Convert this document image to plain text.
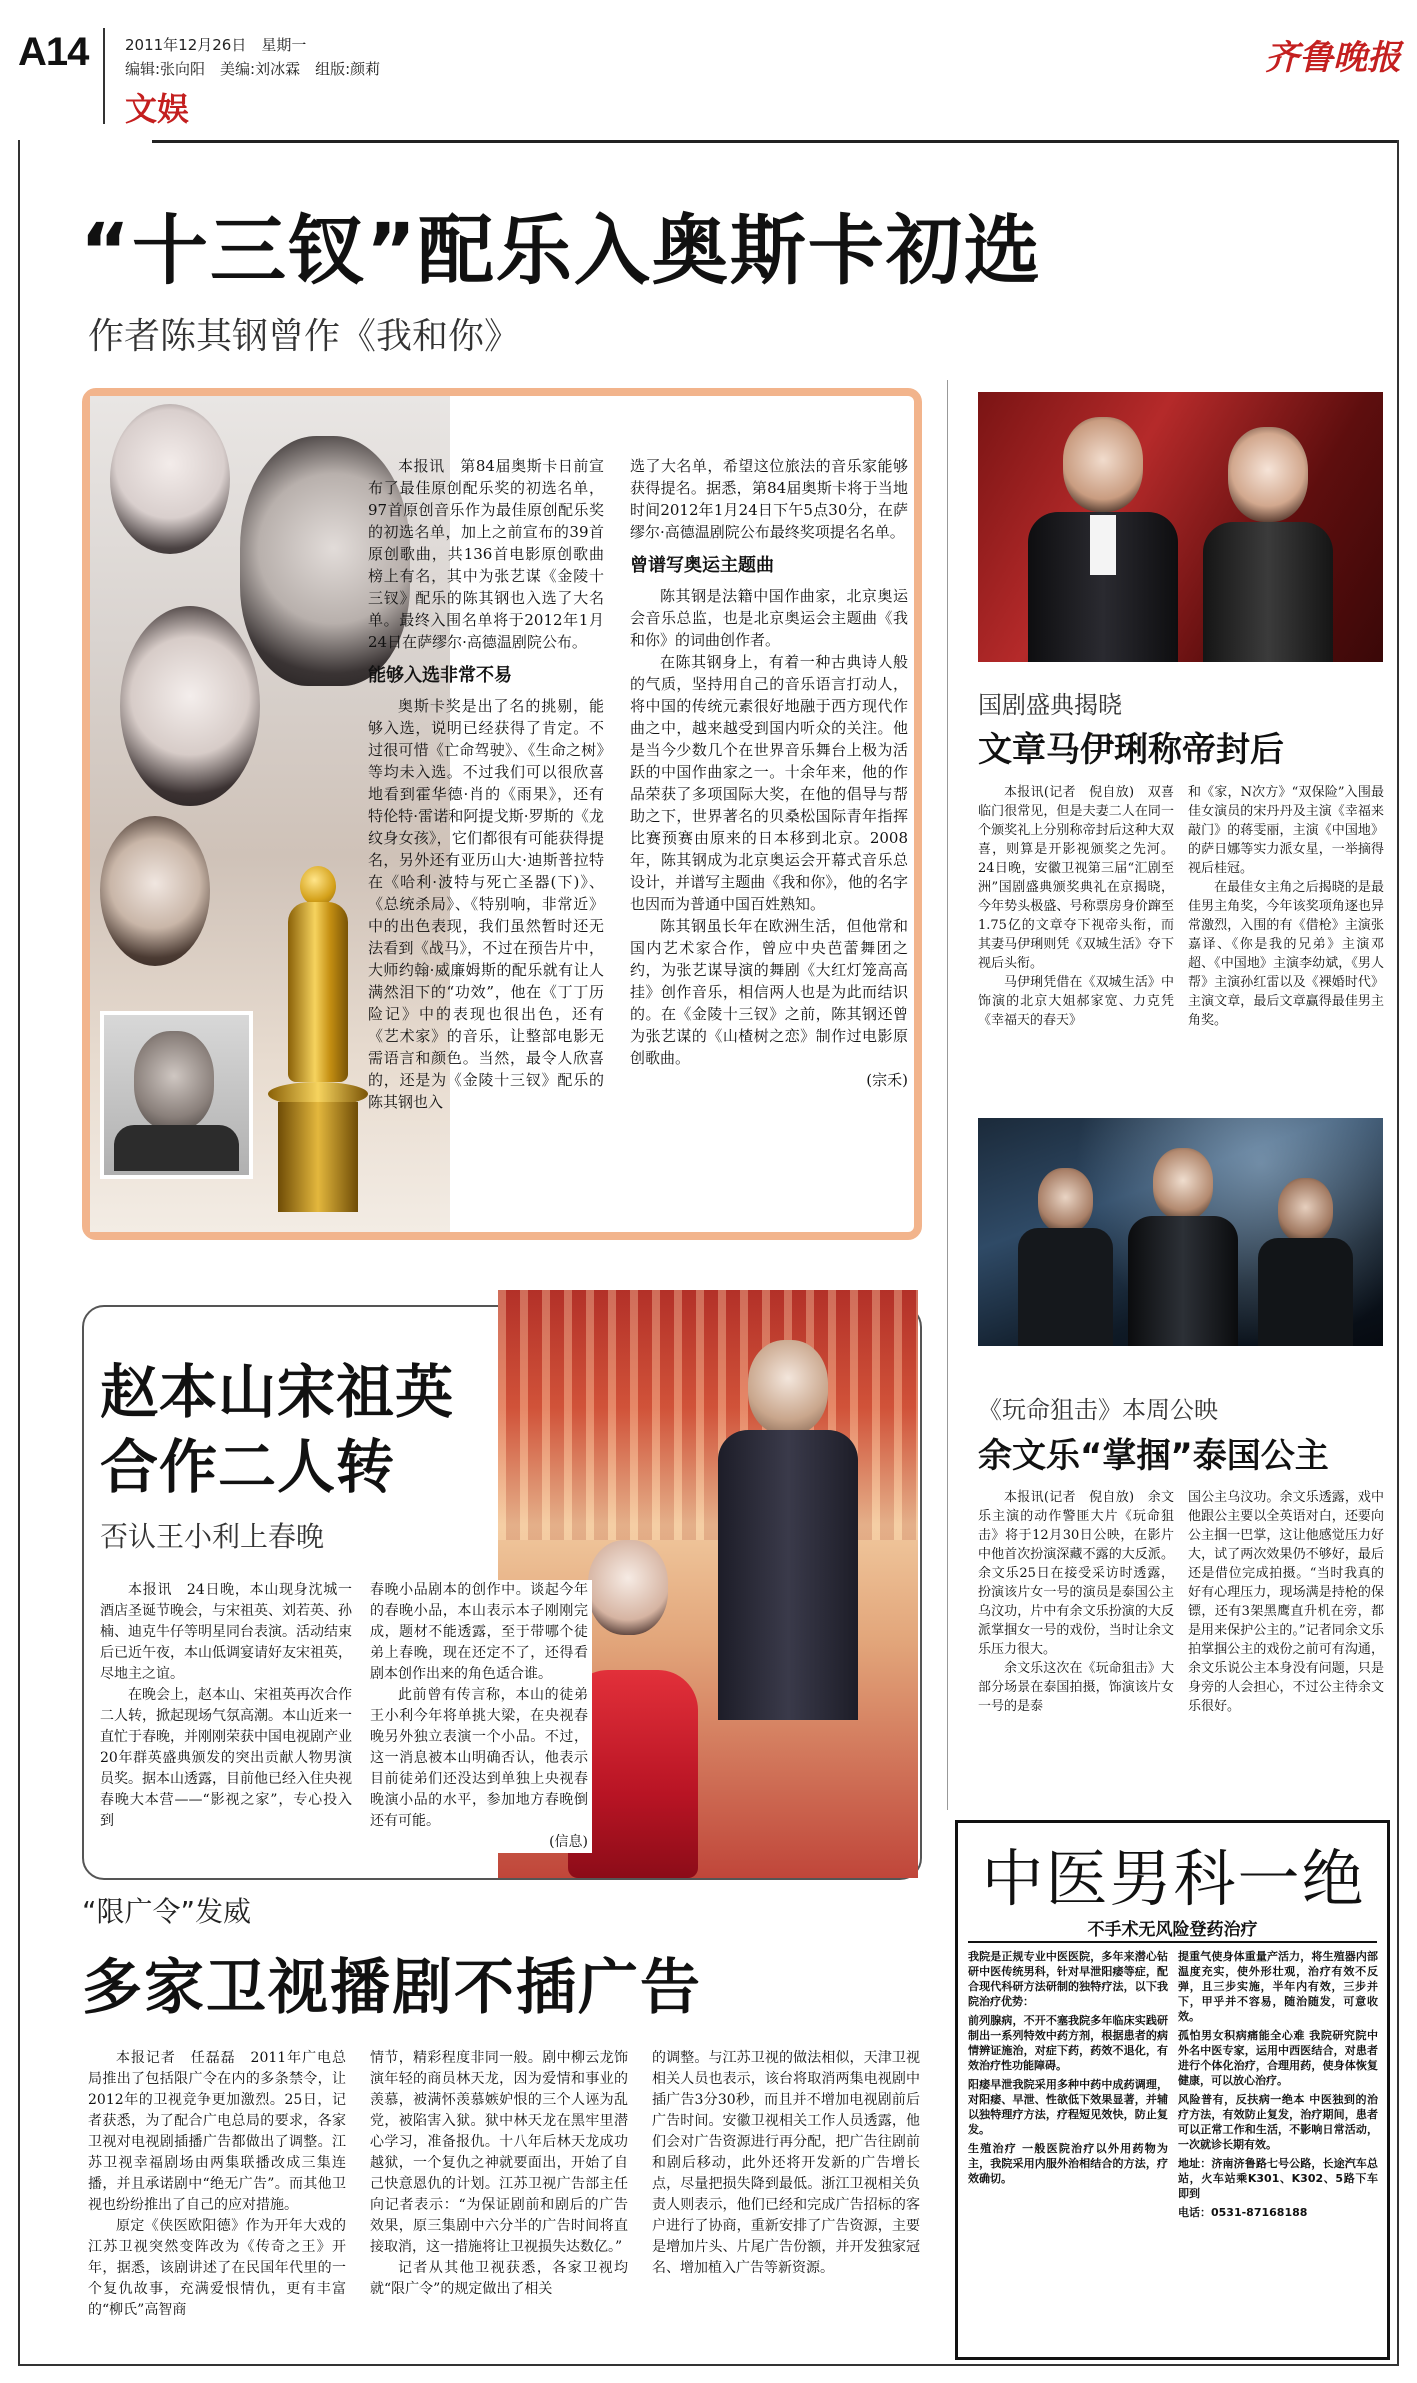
A14 2011年12月26日　星期一
编辑:张向阳　美编:刘冰霖　组版:颜莉
文娱
齐鲁晚报
“十三钗”配乐入奥斯卡初选
作者陈其钢曾作《我和你》

本报讯　第84届奥斯卡日前宣布了最佳原创配乐奖的初选名单，97首原创音乐作为最佳原创配乐奖的初选名单，加上之前宣布的39首原创歌曲，共136首电影原创歌曲榜上有名，其中为张艺谋《金陵十三钗》配乐的陈其钢也入选了大名单。最终入围名单将于2012年1月24日在萨缪尔·高德温剧院公布。

能够入选非常不易

奥斯卡奖是出了名的挑剔，能够入选，说明已经获得了肯定。不过很可惜《亡命驾驶》、《生命之树》等均未入选。不过我们可以很欣喜地看到霍华德·肖的《雨果》，还有特伦特·雷诺和阿提戈斯·罗斯的《龙纹身女孩》，它们都很有可能获得提名，另外还有亚历山大·迪斯普拉特在《哈利·波特与死亡圣器(下)》、《总统杀局》、《特别响，非常近》中的出色表现，我们虽然暂时还无法看到《战马》，不过在预告片中，大师约翰·威廉姆斯的配乐就有让人满然泪下的“功效”，他在《丁丁历险记》中的表现也很出色，还有《艺术家》的音乐，让整部电影无需语言和颜色。当然，最令人欣喜的，还是为《金陵十三钗》配乐的陈其钢也入

选了大名单，希望这位旅法的音乐家能够获得提名。据悉，第84届奥斯卡将于当地时间2012年1月24日下午5点30分，在萨缪尔·高德温剧院公布最终奖项提名名单。

曾谱写奥运主题曲

陈其钢是法籍中国作曲家，北京奥运会音乐总监，也是北京奥运会主题曲《我和你》的词曲创作者。

在陈其钢身上，有着一种古典诗人般的气质，坚持用自己的音乐语言打动人，将中国的传统元素很好地融于西方现代作曲之中，越来越受到国内听众的关注。他是当今少数几个在世界音乐舞台上极为活跃的中国作曲家之一。十余年来，他的作品荣获了多项国际大奖，在他的倡导与帮助之下，世界著名的贝桑松国际青年指挥比赛预赛由原来的日本移到北京。2008年，陈其钢成为北京奥运会开幕式音乐总设计，并谱写主题曲《我和你》，他的名字也因而为普通中国百姓熟知。

陈其钢虽长年在欧洲生活，但他常和国内艺术家合作，曾应中央芭蕾舞团之约，为张艺谋导演的舞剧《大红灯笼高高挂》创作音乐，相信两人也是为此而结识的。在《金陵十三钗》之前，陈其钢还曾为张艺谋的《山楂树之恋》制作过电影原创歌曲。

(宗禾)
赵本山宋祖英
合作二人转
否认王小利上春晚

本报讯　24日晚，本山现身沈城一酒店圣诞节晚会，与宋祖英、刘若英、孙楠、迪克牛仔等明星同台表演。活动结束后已近午夜，本山低调宴请好友宋祖英，尽地主之谊。

在晚会上，赵本山、宋祖英再次合作二人转，掀起现场气氛高潮。本山近来一直忙于春晚，并刚刚荣获中国电视剧产业20年群英盛典颁发的突出贡献人物男演员奖。据本山透露，目前他已经入住央视春晚大本营——“影视之家”，专心投入到

春晚小品剧本的创作中。谈起今年的春晚小品，本山表示本子刚刚完成，题材不能透露，至于带哪个徒弟上春晚，现在还定不了，还得看剧本创作出来的角色适合谁。

此前曾有传言称，本山的徒弟王小利今年将单挑大梁，在央视春晚另外独立表演一个小品。不过，这一消息被本山明确否认，他表示目前徒弟们还没达到单独上央视春晚演小品的水平，参加地方春晚倒还有可能。

(信息)
“限广令”发威
多家卫视播剧不插广告

本报记者　任磊磊　2011年广电总局推出了包括限广令在内的多条禁令，让2012年的卫视竞争更加激烈。25日，记者获悉，为了配合广电总局的要求，各家卫视对电视剧插播广告都做出了调整。江苏卫视幸福剧场由两集联播改成三集连播，并且承诺剧中“绝无广告”。而其他卫视也纷纷推出了自己的应对措施。

原定《侠医欧阳德》作为开年大戏的江苏卫视突然变阵改为《传奇之王》开年，据悉，该剧讲述了在民国年代里的一个复仇故事，充满爱恨情仇，更有丰富的“柳氏”高智商

情节，精彩程度非同一般。剧中柳云龙饰演年轻的商员林天龙，因为爱情和事业的羡慕，被满怀羡慕嫉妒恨的三个人诬为乱党，被陷害入狱。狱中林天龙在黑牢里潜心学习，准备报仇。十八年后林天龙成功越狱，一个复仇之神就要面出，开始了自己快意恩仇的计划。江苏卫视广告部主任向记者表示：“为保证剧前和剧后的广告效果，原三集剧中六分半的广告时间将直接取消，这一措施将让卫视损失达数亿。”

记者从其他卫视获悉，各家卫视均就“限广令”的规定做出了相关

的调整。与江苏卫视的做法相似，天津卫视相关人员也表示，该台将取消两集电视剧中插广告3分30秒，而且并不增加电视剧前后广告时间。安徽卫视相关工作人员透露，他们会对广告资源进行再分配，把广告往剧前和剧后移动，此外还将开发新的广告增长点，尽量把损失降到最低。浙江卫视相关负责人则表示，他们已经和完成广告招标的客户进行了协商，重新安排了广告资源，主要是增加片头、片尾广告份额，并开发独家冠名、增加植入广告等新资源。

国剧盛典揭晓
文章马伊琍称帝封后

本报讯(记者　倪自放)　双喜临门很常见，但是夫妻二人在同一个颁奖礼上分别称帝封后这种大双喜，则算是开影视颁奖之先河。24日晚，安徽卫视第三届“汇剧至洲”国剧盛典颁奖典礼在京揭晓，今年势头极盛、号称票房身价蹿至1.75亿的文章夺下视帝头衔，而其妻马伊琍则凭《双城生活》夺下视后头衔。

马伊琍凭借在《双城生活》中饰演的北京大姐郝家宽、力克凭《幸福天的春天》

和《家，N次方》“双保险”入围最佳女演员的宋丹丹及主演《幸福来敲门》的蒋雯丽，主演《中国地》的萨日娜等实力派女星，一举摘得视后桂冠。

在最佳女主角之后揭晓的是最佳男主角奖，今年该奖项角逐也异常激烈，入围的有《借枪》主演张嘉译、《你是我的兄弟》主演邓超、《中国地》主演李幼斌，《男人帮》主演孙红雷以及《裸婚时代》主演文章，最后文章赢得最佳男主角奖。

《玩命狙击》本周公映
余文乐“掌掴”泰国公主

本报讯(记者　倪自放)　余文乐主演的动作警匪大片《玩命狙击》将于12月30日公映，在影片中他首次扮演深藏不露的大反派。余文乐25日在接受采访时透露，扮演该片女一号的演员是泰国公主乌汶功，片中有余文乐扮演的大反派掌掴女一号的戏份，当时让余文乐压力很大。

余文乐这次在《玩命狙击》大部分场景在泰国拍摄，饰演该片女一号的是泰

国公主乌汶功。余文乐透露，戏中他跟公主要以全英语对白，还要向公主掴一巴掌，这让他感觉压力好大，试了两次效果仍不够好，最后还是借位完成拍摄。“当时我真的好有心理压力，现场满是持枪的保镖，还有3架黑鹰直升机在旁，都是用来保护公主的。”记者同余文乐拍掌掴公主的戏份之前可有沟通，余文乐说公主本身没有问题，只是身旁的人会担心，不过公主待余文乐很好。

中医男科一绝
不手术无风险登药治疗
我院是正规专业中医医院，多年来潜心钻研中医传统男科，针对早泄阳痿等症，配合现代科研方法研制的独特疗法，以下我院治疗优势：
前列腺病，不开不塞我院多年临床实践研制出一系列特效中药方剂，根据患者的病情辨证施治，对症下药，药效不退化，有效治疗性功能障碍。
阳痿早泄我院采用多种中药中成药调理，对阳痿、早泄、性欲低下效果显著，并辅以独特理疗方法，疗程短见效快，防止复发。
生殖治疗 一般医院治疗以外用药物为主，我院采用内服外治相结合的方法，疗效确切。
提重气使身体重量产活力，将生殖器内部温度充实，使外形壮观，治疗有效不反弹，且三步实施，半年内有效，三步并下，甲乎并不容易，随治随发，可意收效。
孤怕男女积病痛能全心难 我院研究院中外名中医专家，运用中西医结合，对患者进行个体化治疗，合理用药，使身体恢复健康，可以放心治疗。
风险普有，反扶病一绝本 中医独到的治疗方法，有效防止复发，治疗期间，患者可以正常工作和生活，不影响日常活动，一次就诊长期有效。
地址：济南济鲁路七号公路，长途汽车总站，火车站乘K301、K302、5路下车即到
电话：0531-87168188
